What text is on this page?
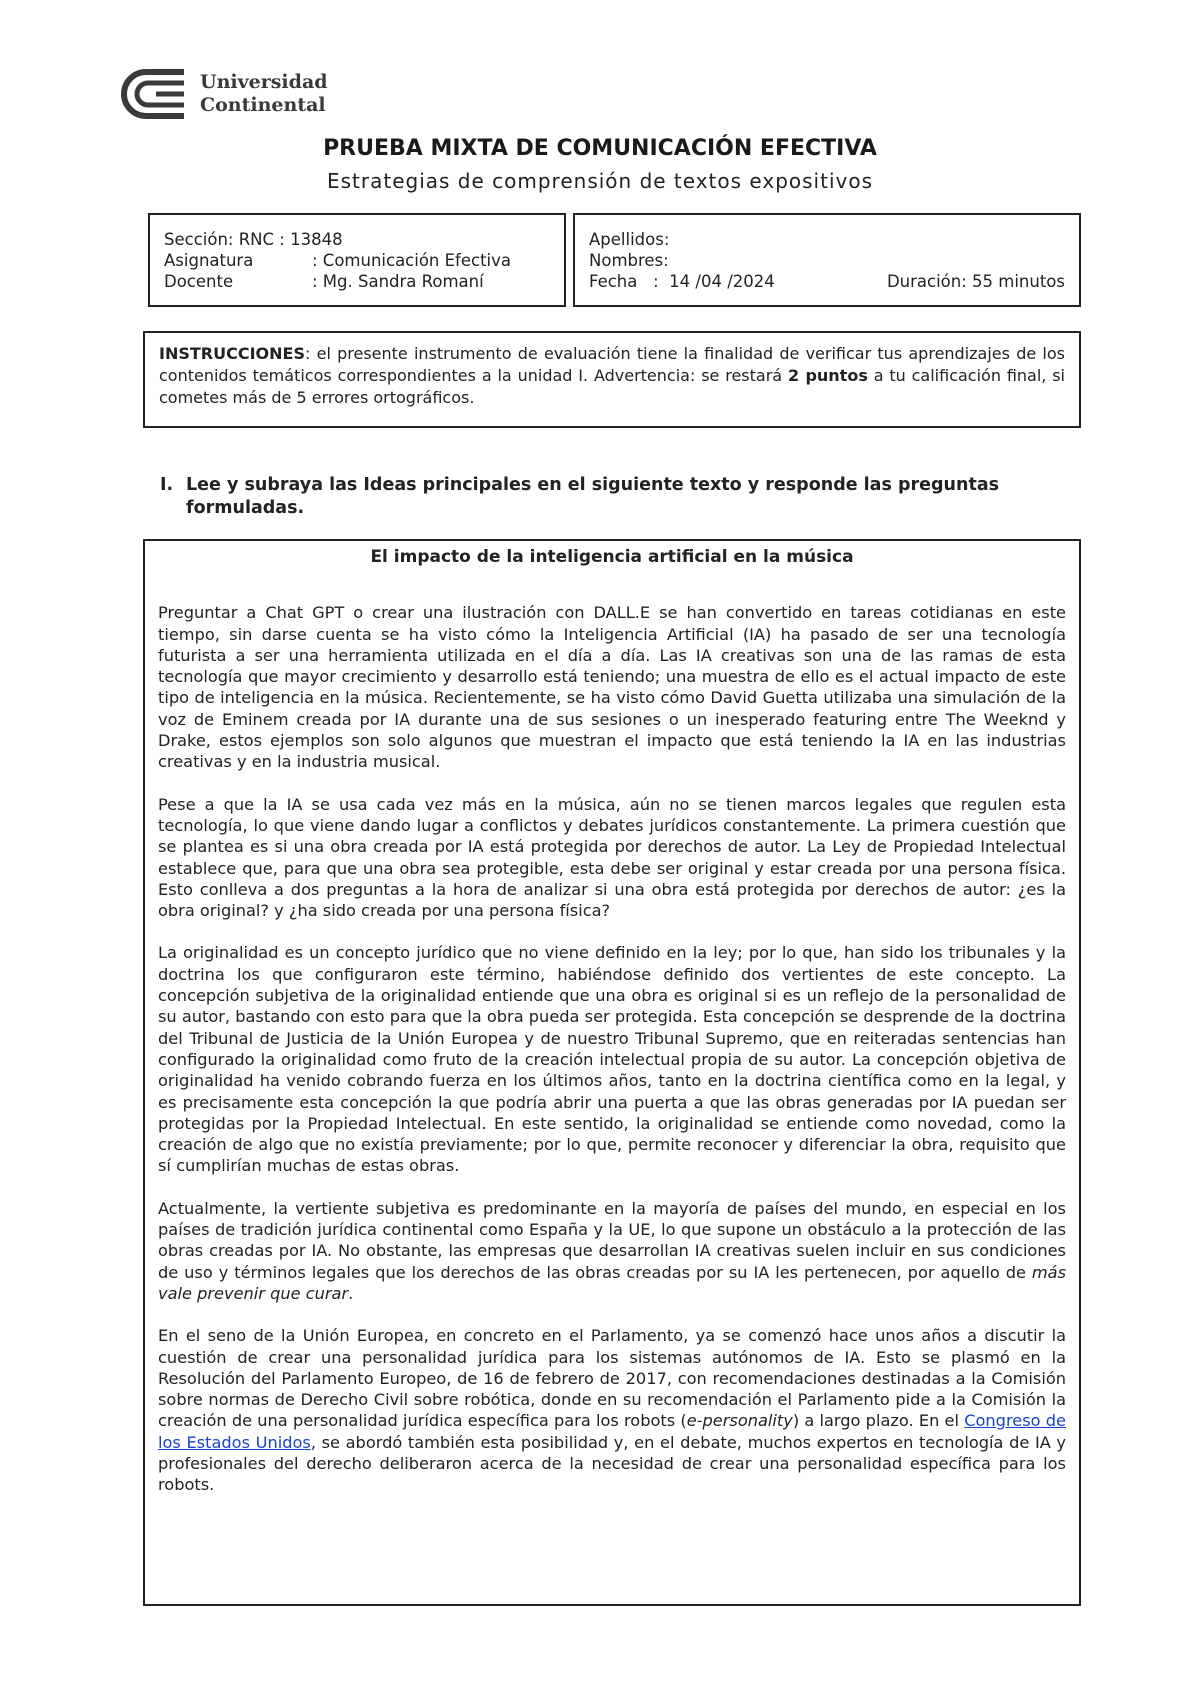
Universidad
Continental
PRUEBA MIXTA DE COMUNICACIÓN EFECTIVA
Estrategias de comprensión de textos expositivos
Sección: RNC : 13848
Asignatura	: Comunicación Efectiva
Docente	: Mg. Sandra Romaní
Apellidos:
Nombres:
Fecha   :  14 /04 /2024	Duración: 55 minutos
INSTRUCCIONES: el presente instrumento de evaluación tiene la finalidad de verificar tus aprendizajes de los contenidos temáticos correspondientes a la unidad I. Advertencia: se restará 2 puntos a tu calificación final, si cometes más de 5 errores ortográficos.
I. Lee y subraya las Ideas principales en el siguiente texto y responde las preguntas formuladas.
El impacto de la inteligencia artificial en la música

Preguntar a Chat GPT o crear una ilustración con DALL.E se han convertido en tareas cotidianas en este tiempo, sin darse cuenta se ha visto cómo la Inteligencia Artificial (IA) ha pasado de ser una tecnología futurista a ser una herramienta utilizada en el día a día. Las IA creativas son una de las ramas de esta tecnología que mayor crecimiento y desarrollo está teniendo; una muestra de ello es el actual impacto de este tipo de inteligencia en la música. Recientemente, se ha visto cómo David Guetta utilizaba una simulación de la voz de Eminem creada por IA durante una de sus sesiones o un inesperado featuring entre The Weeknd y Drake, estos ejemplos son solo algunos que muestran el impacto que está teniendo la IA en las industrias creativas y en la industria musical.

Pese a que la IA se usa cada vez más en la música, aún no se tienen marcos legales que regulen esta tecnología, lo que viene dando lugar a conflictos y debates jurídicos constantemente. La primera cuestión que se plantea es si una obra creada por IA está protegida por derechos de autor. La Ley de Propiedad Intelectual establece que, para que una obra sea protegible, esta debe ser original y estar creada por una persona física. Esto conlleva a dos preguntas a la hora de analizar si una obra está protegida por derechos de autor: ¿es la obra original? y ¿ha sido creada por una persona física?

La originalidad es un concepto jurídico que no viene definido en la ley; por lo que, han sido los tribunales y la doctrina los que configuraron este término, habiéndose definido dos vertientes de este concepto. La concepción subjetiva de la originalidad entiende que una obra es original si es un reflejo de la personalidad de su autor, bastando con esto para que la obra pueda ser protegida. Esta concepción se desprende de la doctrina del Tribunal de Justicia de la Unión Europea y de nuestro Tribunal Supremo, que en reiteradas sentencias han configurado la originalidad como fruto de la creación intelectual propia de su autor. La concepción objetiva de originalidad ha venido cobrando fuerza en los últimos años, tanto en la doctrina científica como en la legal, y es precisamente esta concepción la que podría abrir una puerta a que las obras generadas por IA puedan ser protegidas por la Propiedad Intelectual. En este sentido, la originalidad se entiende como novedad, como la creación de algo que no existía previamente; por lo que, permite reconocer y diferenciar la obra, requisito que sí cumplirían muchas de estas obras.

Actualmente, la vertiente subjetiva es predominante en la mayoría de países del mundo, en especial en los países de tradición jurídica continental como España y la UE, lo que supone un obstáculo a la protección de las obras creadas por IA. No obstante, las empresas que desarrollan IA creativas suelen incluir en sus condiciones de uso y términos legales que los derechos de las obras creadas por su IA les pertenecen, por aquello de más vale prevenir que curar.

En el seno de la Unión Europea, en concreto en el Parlamento, ya se comenzó hace unos años a discutir la cuestión de crear una personalidad jurídica para los sistemas autónomos de IA. Esto se plasmó en la Resolución del Parlamento Europeo, de 16 de febrero de 2017, con recomendaciones destinadas a la Comisión sobre normas de Derecho Civil sobre robótica, donde en su recomendación el Parlamento pide a la Comisión la creación de una personalidad jurídica específica para los robots (e-personality) a largo plazo. En el Congreso de los Estados Unidos, se abordó también esta posibilidad y, en el debate, muchos expertos en tecnología de IA y profesionales del derecho deliberaron acerca de la necesidad de crear una personalidad específica para los robots.
